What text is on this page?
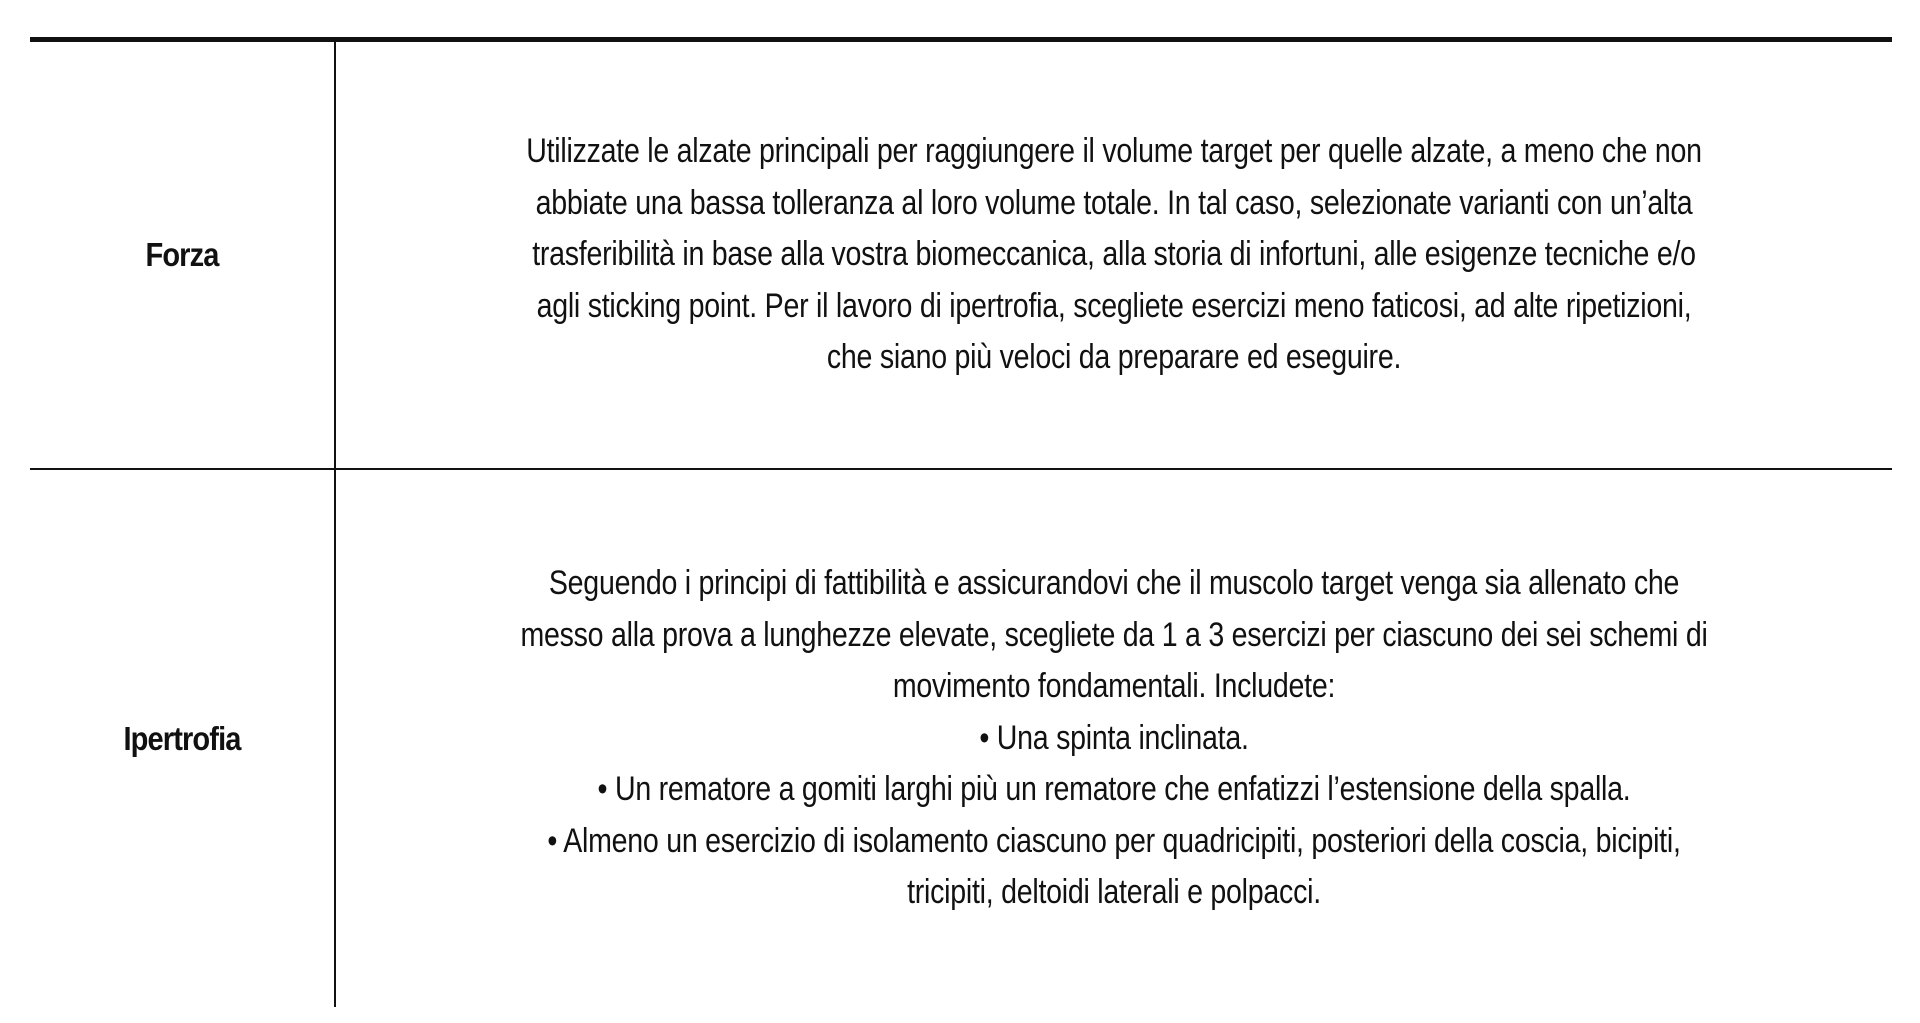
Forza
Utilizzate le alzate principali per raggiungere il volume target per quelle alzate, a meno che non
abbiate una bassa tolleranza al loro volume totale. In tal caso, selezionate varianti con un’alta
trasferibilità in base alla vostra biomeccanica, alla storia di infortuni, alle esigenze tecniche e/o
agli sticking point. Per il lavoro di ipertrofia, scegliete esercizi meno faticosi, ad alte ripetizioni,
che siano più veloci da preparare ed eseguire.
Ipertrofia
Seguendo i principi di fattibilità e assicurandovi che il muscolo target venga sia allenato che
messo alla prova a lunghezze elevate, scegliete da 1 a 3 esercizi per ciascuno dei sei schemi di
movimento fondamentali. Includete:
• Una spinta inclinata.
• Un rematore a gomiti larghi più un rematore che enfatizzi l’estensione della spalla.
• Almeno un esercizio di isolamento ciascuno per quadricipiti, posteriori della coscia, bicipiti,
tricipiti, deltoidi laterali e polpacci.
